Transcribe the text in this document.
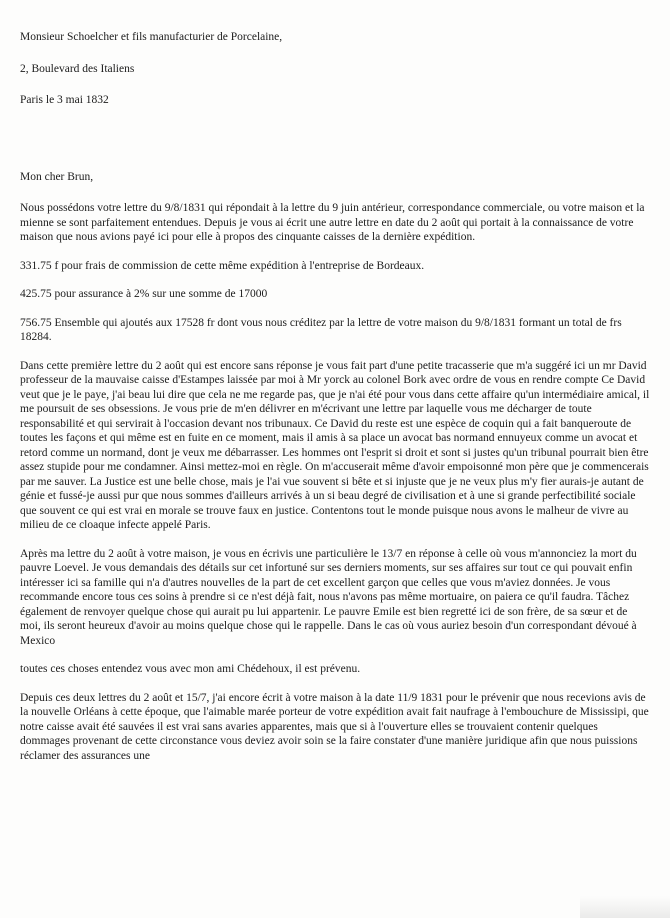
Monsieur Schoelcher et fils manufacturier de Porcelaine,

2, Boulevard des Italiens

Paris le 3 mai 1832

Mon cher Brun,

Nous possédons votre lettre du 9/8/1831 qui répondait à la lettre du 9 juin antérieur, correspondance commerciale, ou votre maison et la mienne se sont parfaitement entendues. Depuis je vous ai écrit une autre lettre en date du 2 août qui portait à la connaissance de votre maison que nous avions payé ici pour elle à propos des cinquante caisses de la dernière expédition.

331.75 f pour frais de commission de cette même expédition à l'entreprise de Bordeaux.

425.75 pour assurance à 2% sur une somme de 17000

756.75 Ensemble qui ajoutés aux 17528 fr dont vous nous créditez par la lettre de votre maison du 9/8/1831 formant un total de frs 18284.

Dans cette première lettre du 2 août qui est encore sans réponse je vous fait part d'une petite tracasserie que m'a suggéré ici un mr David professeur de la mauvaise caisse d'Estampes laissée par moi à Mr yorck au colonel Bork avec ordre de vous en rendre compte Ce David veut que je le paye, j'ai beau lui dire que cela ne me regarde pas, que je n'ai été pour vous dans cette affaire qu'un intermédiaire amical, il me poursuit de ses obsessions. Je vous prie de m'en délivrer en m'écrivant une lettre par laquelle vous me décharger de toute responsabilité et qui servirait à l'occasion devant nos tribunaux. Ce David du reste est une espèce de coquin qui a fait banqueroute de toutes les façons et qui même est en fuite en ce moment, mais il amis à sa place un avocat bas normand ennuyeux comme un avocat et retord comme un normand, dont je veux me débarrasser. Les hommes ont l'esprit si droit et sont si justes qu'un tribunal pourrait bien être assez stupide pour me condamner. Ainsi mettez-moi en règle. On m'accuserait même d'avoir empoisonné mon père que je commencerais par me sauver. La Justice est une belle chose, mais je l'ai vue souvent si bête et si injuste que je ne veux plus m'y fier aurais-je autant de génie et fussé-je aussi pur que nous sommes d'ailleurs arrivés à un si beau degré de civilisation et à une si grande perfectibilité sociale que souvent ce qui est vrai en morale se trouve faux en justice. Contentons tout le monde puisque nous avons le malheur de vivre au milieu de ce cloaque infecte appelé Paris.

Après ma lettre du 2 août à votre maison, je vous en écrivis une particulière le 13/7 en réponse à celle où vous m'annonciez la mort du pauvre Loevel. Je vous demandais des détails sur cet infortuné sur ses derniers moments, sur ses affaires sur tout ce qui pouvait enfin intéresser ici sa famille qui n'a d'autres nouvelles de la part de cet excellent garçon que celles que vous m'aviez données. Je vous recommande encore tous ces soins à prendre si ce n'est déjà fait, nous n'avons pas même mortuaire, on paiera ce qu'il faudra. Tâchez également de renvoyer quelque chose qui aurait pu lui appartenir. Le pauvre Emile est bien regretté ici de son frère, de sa sœur et de moi, ils seront heureux d'avoir au moins quelque chose qui le rappelle. Dans le cas où vous auriez besoin d'un correspondant dévoué à Mexico

toutes ces choses entendez vous avec mon ami Chédehoux, il est prévenu.

Depuis ces deux lettres du 2 août et 15/7, j'ai encore écrit à votre maison à la date 11/9 1831 pour le prévenir que nous recevions avis de la nouvelle Orléans à cette époque, que l'aimable marée porteur de votre expédition avait fait naufrage à l'embouchure de Mississipi, que notre caisse avait été sauvées il est vrai sans avaries apparentes, mais que si à l'ouverture elles se trouvaient contenir quelques dommages provenant de cette circonstance vous deviez avoir soin se la faire constater d'une manière juridique afin que nous puissions réclamer des assurances une
